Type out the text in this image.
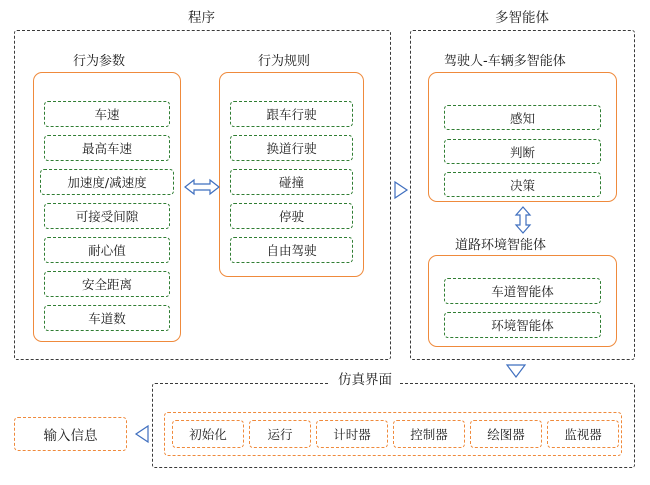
程序
行为参数
车速
最高车速
加速度/减速度
可接受间隙
耐心值
安全距离
车道数
行为规则
跟车行驶
换道行驶
碰撞
停驶
自由驾驶
多智能体
驾驶人-车辆多智能体
感知
判断
决策
道路环境智能体
车道智能体
环境智能体
仿真界面
初始化	运行	计时器	控制器	绘图器	监视器
输入信息
